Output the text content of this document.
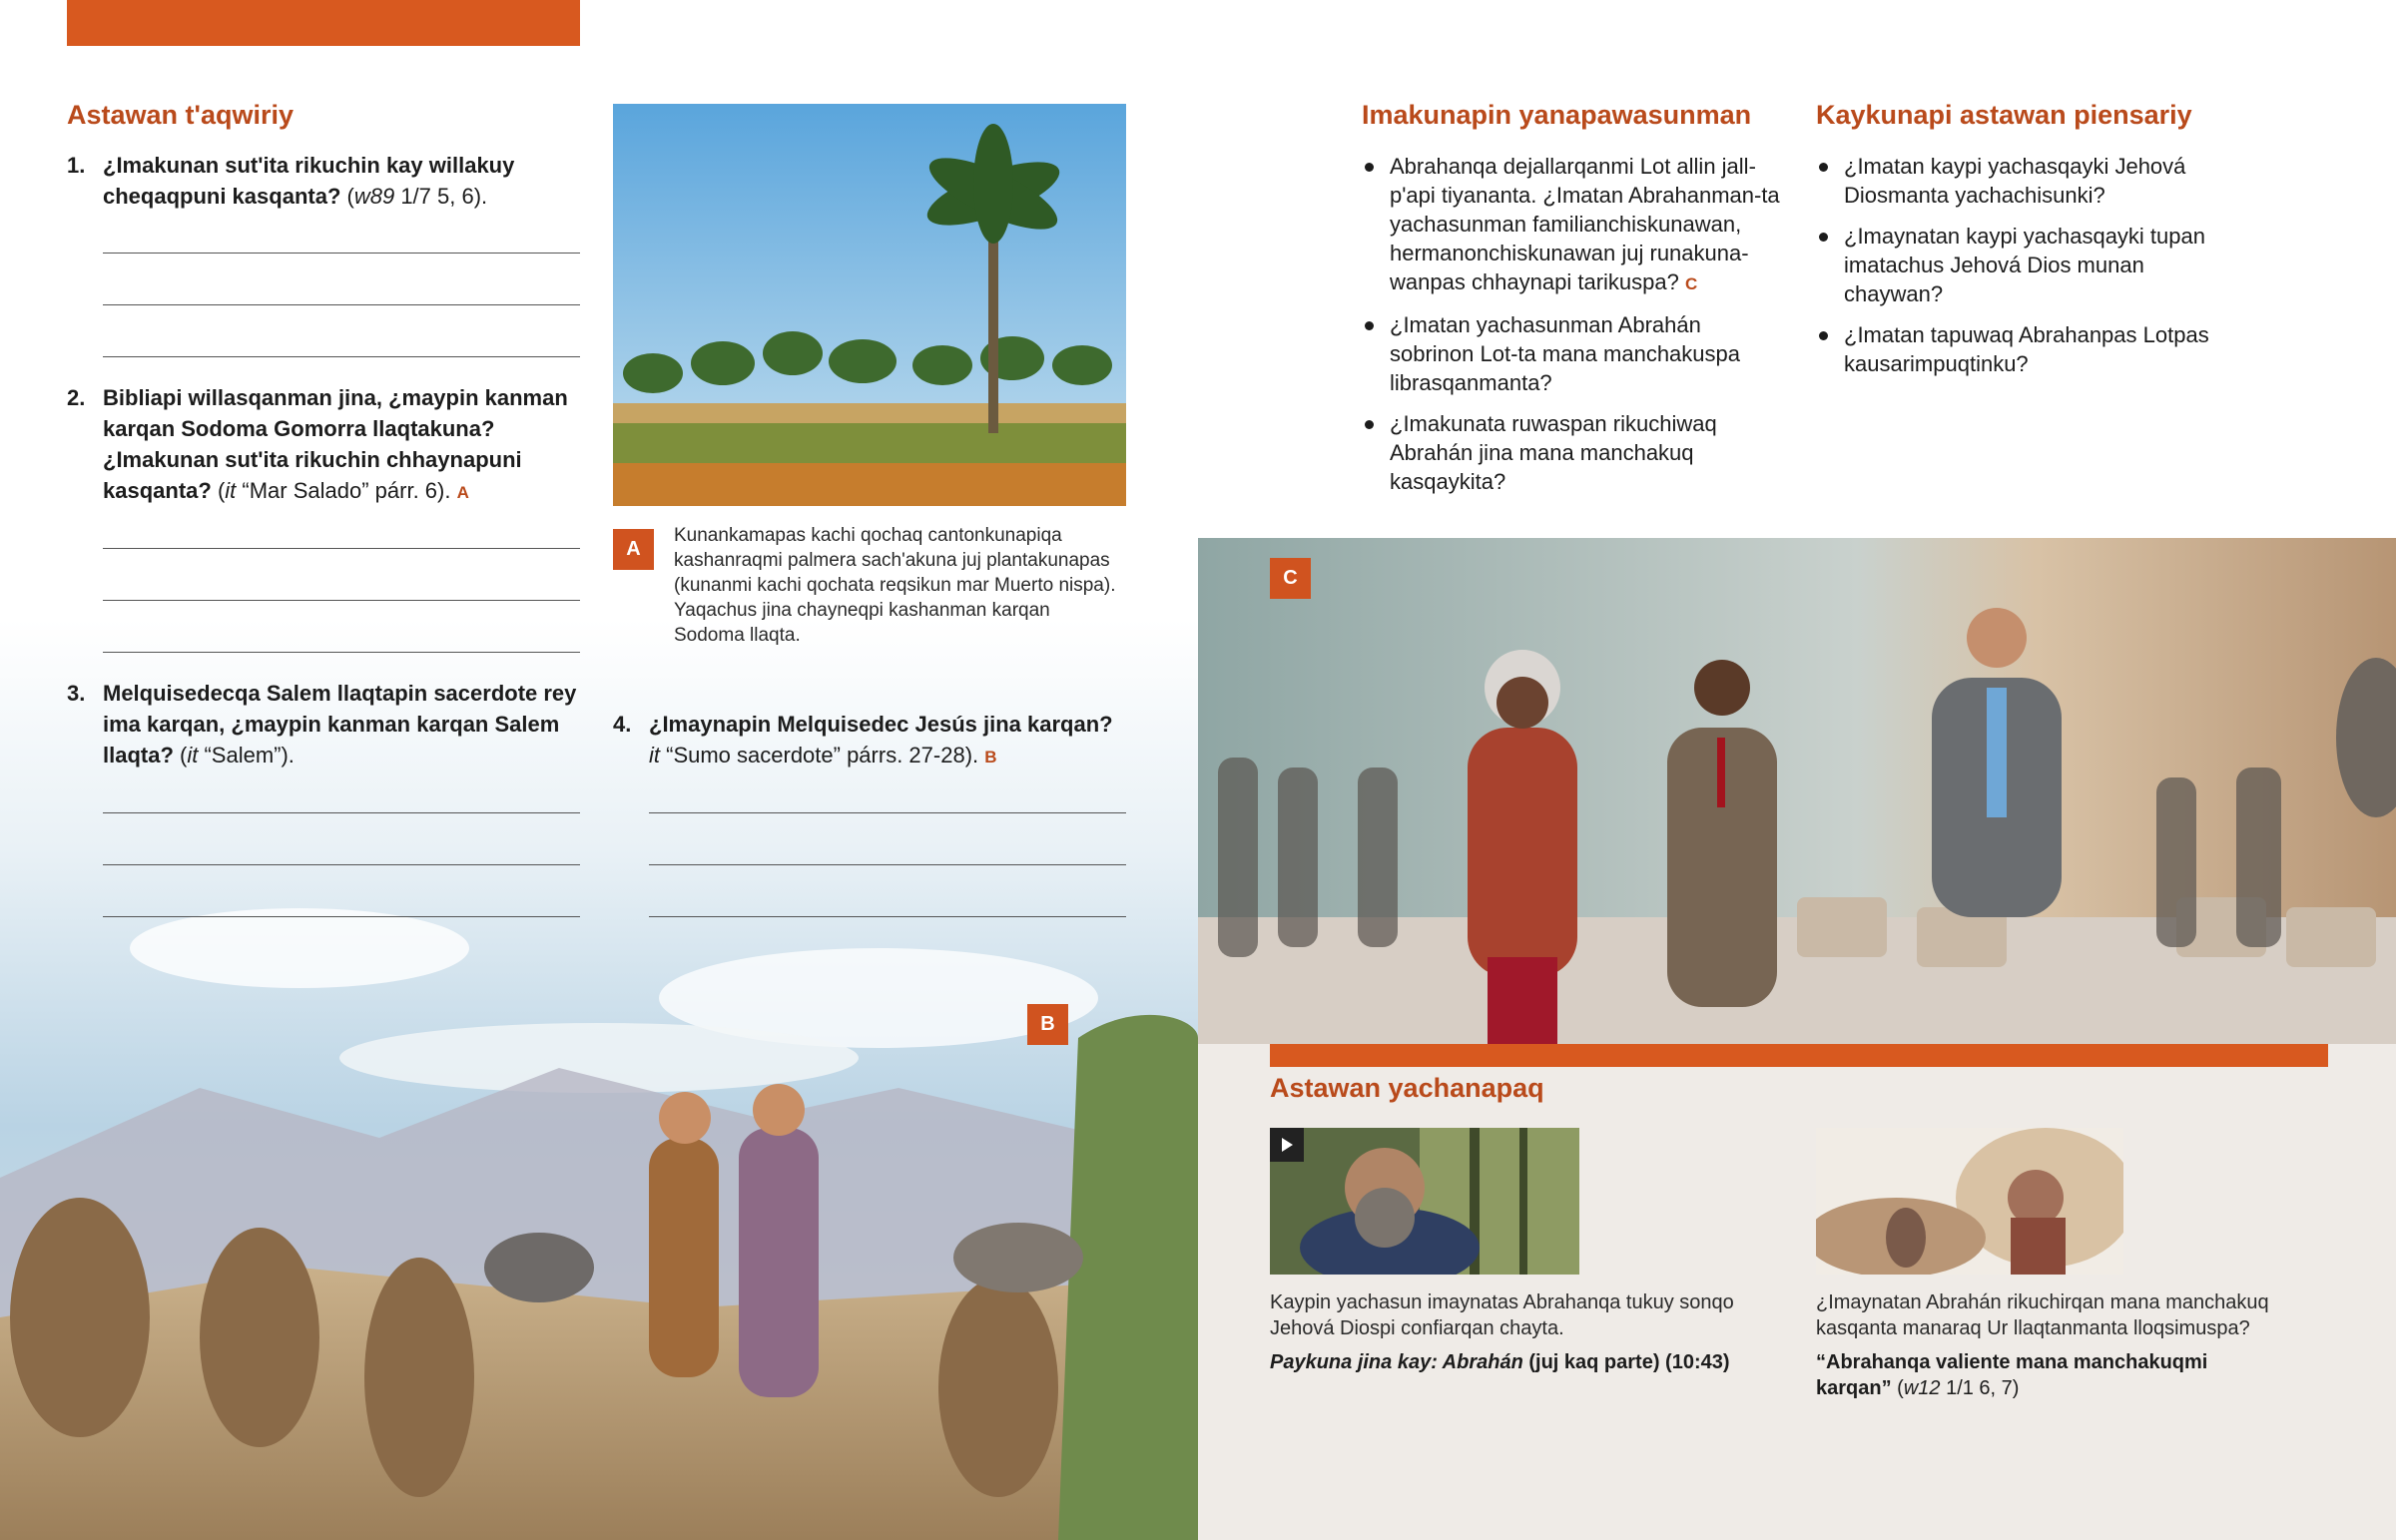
Astawan t'aqwiriy
1. ¿Imakunan sut'ita rikuchin kay willakuy cheqaqpuni kasqanta? (w89 1/7 5, 6).
2. Bibliapi willasqanman jina, ¿maypin kanman karqan Sodoma Gomorra llaqtakuna? ¿Imakunan sut'ita rikuchin chhaynapuni kasqanta? (it “Mar Salado” párr. 6). A
3. Melquisedecqa Salem llaqtapin sacerdote rey ima karqan, ¿maypin kanman karqan Salem llaqta? (it “Salem”).
A
Kunankamapas kachi qochaq cantonkunapiqa kashanraqmi palmera sach'akuna juj plantakunapas (kunanmi kachi qochata reqsikun mar Muerto nispa). Yaqachus jina chayneqpi kashanman karqan Sodoma llaqta.
4. ¿Imaynapin Melquisedec Jesús jina karqan?
it “Sumo sacerdote” párrs. 27-28). B
B
Imakunapin yanapawasunman
Abrahanqa dejallarqanmi Lot allin jall-p'api tiyananta. ¿Imatan Abrahanman-ta yachasunman familianchiskunawan, hermanonchiskunawan juj runakuna-wanpas chhaynapi tarikuspa? C
¿Imatan yachasunman Abrahán sobrinon Lot-ta mana manchakuspa librasqanmanta?
¿Imakunata ruwaspan rikuchiwaq Abrahán jina mana manchakuq kasqaykita?
Kaykunapi astawan piensariy
¿Imatan kaypi yachasqayki Jehová Diosmanta yachachisunki?
¿Imaynatan kaypi yachasqayki tupan imatachus Jehová Dios munan chaywan?
¿Imatan tapuwaq Abrahanpas Lotpas kausarimpuqtinku?
C
Astawan yachanapaq
Kaypin yachasun imaynatas Abrahanqa tukuy sonqo Jehová Diospi confiarqan chayta.
Paykuna jina kay: Abrahán (juj kaq parte) (10:43)
¿Imaynatan Abrahán rikuchirqan mana manchakuq kasqanta manaraq Ur llaqtanmanta lloqsimuspa?
“Abrahanqa valiente mana manchakuqmi karqan” (w12 1/1 6, 7)
